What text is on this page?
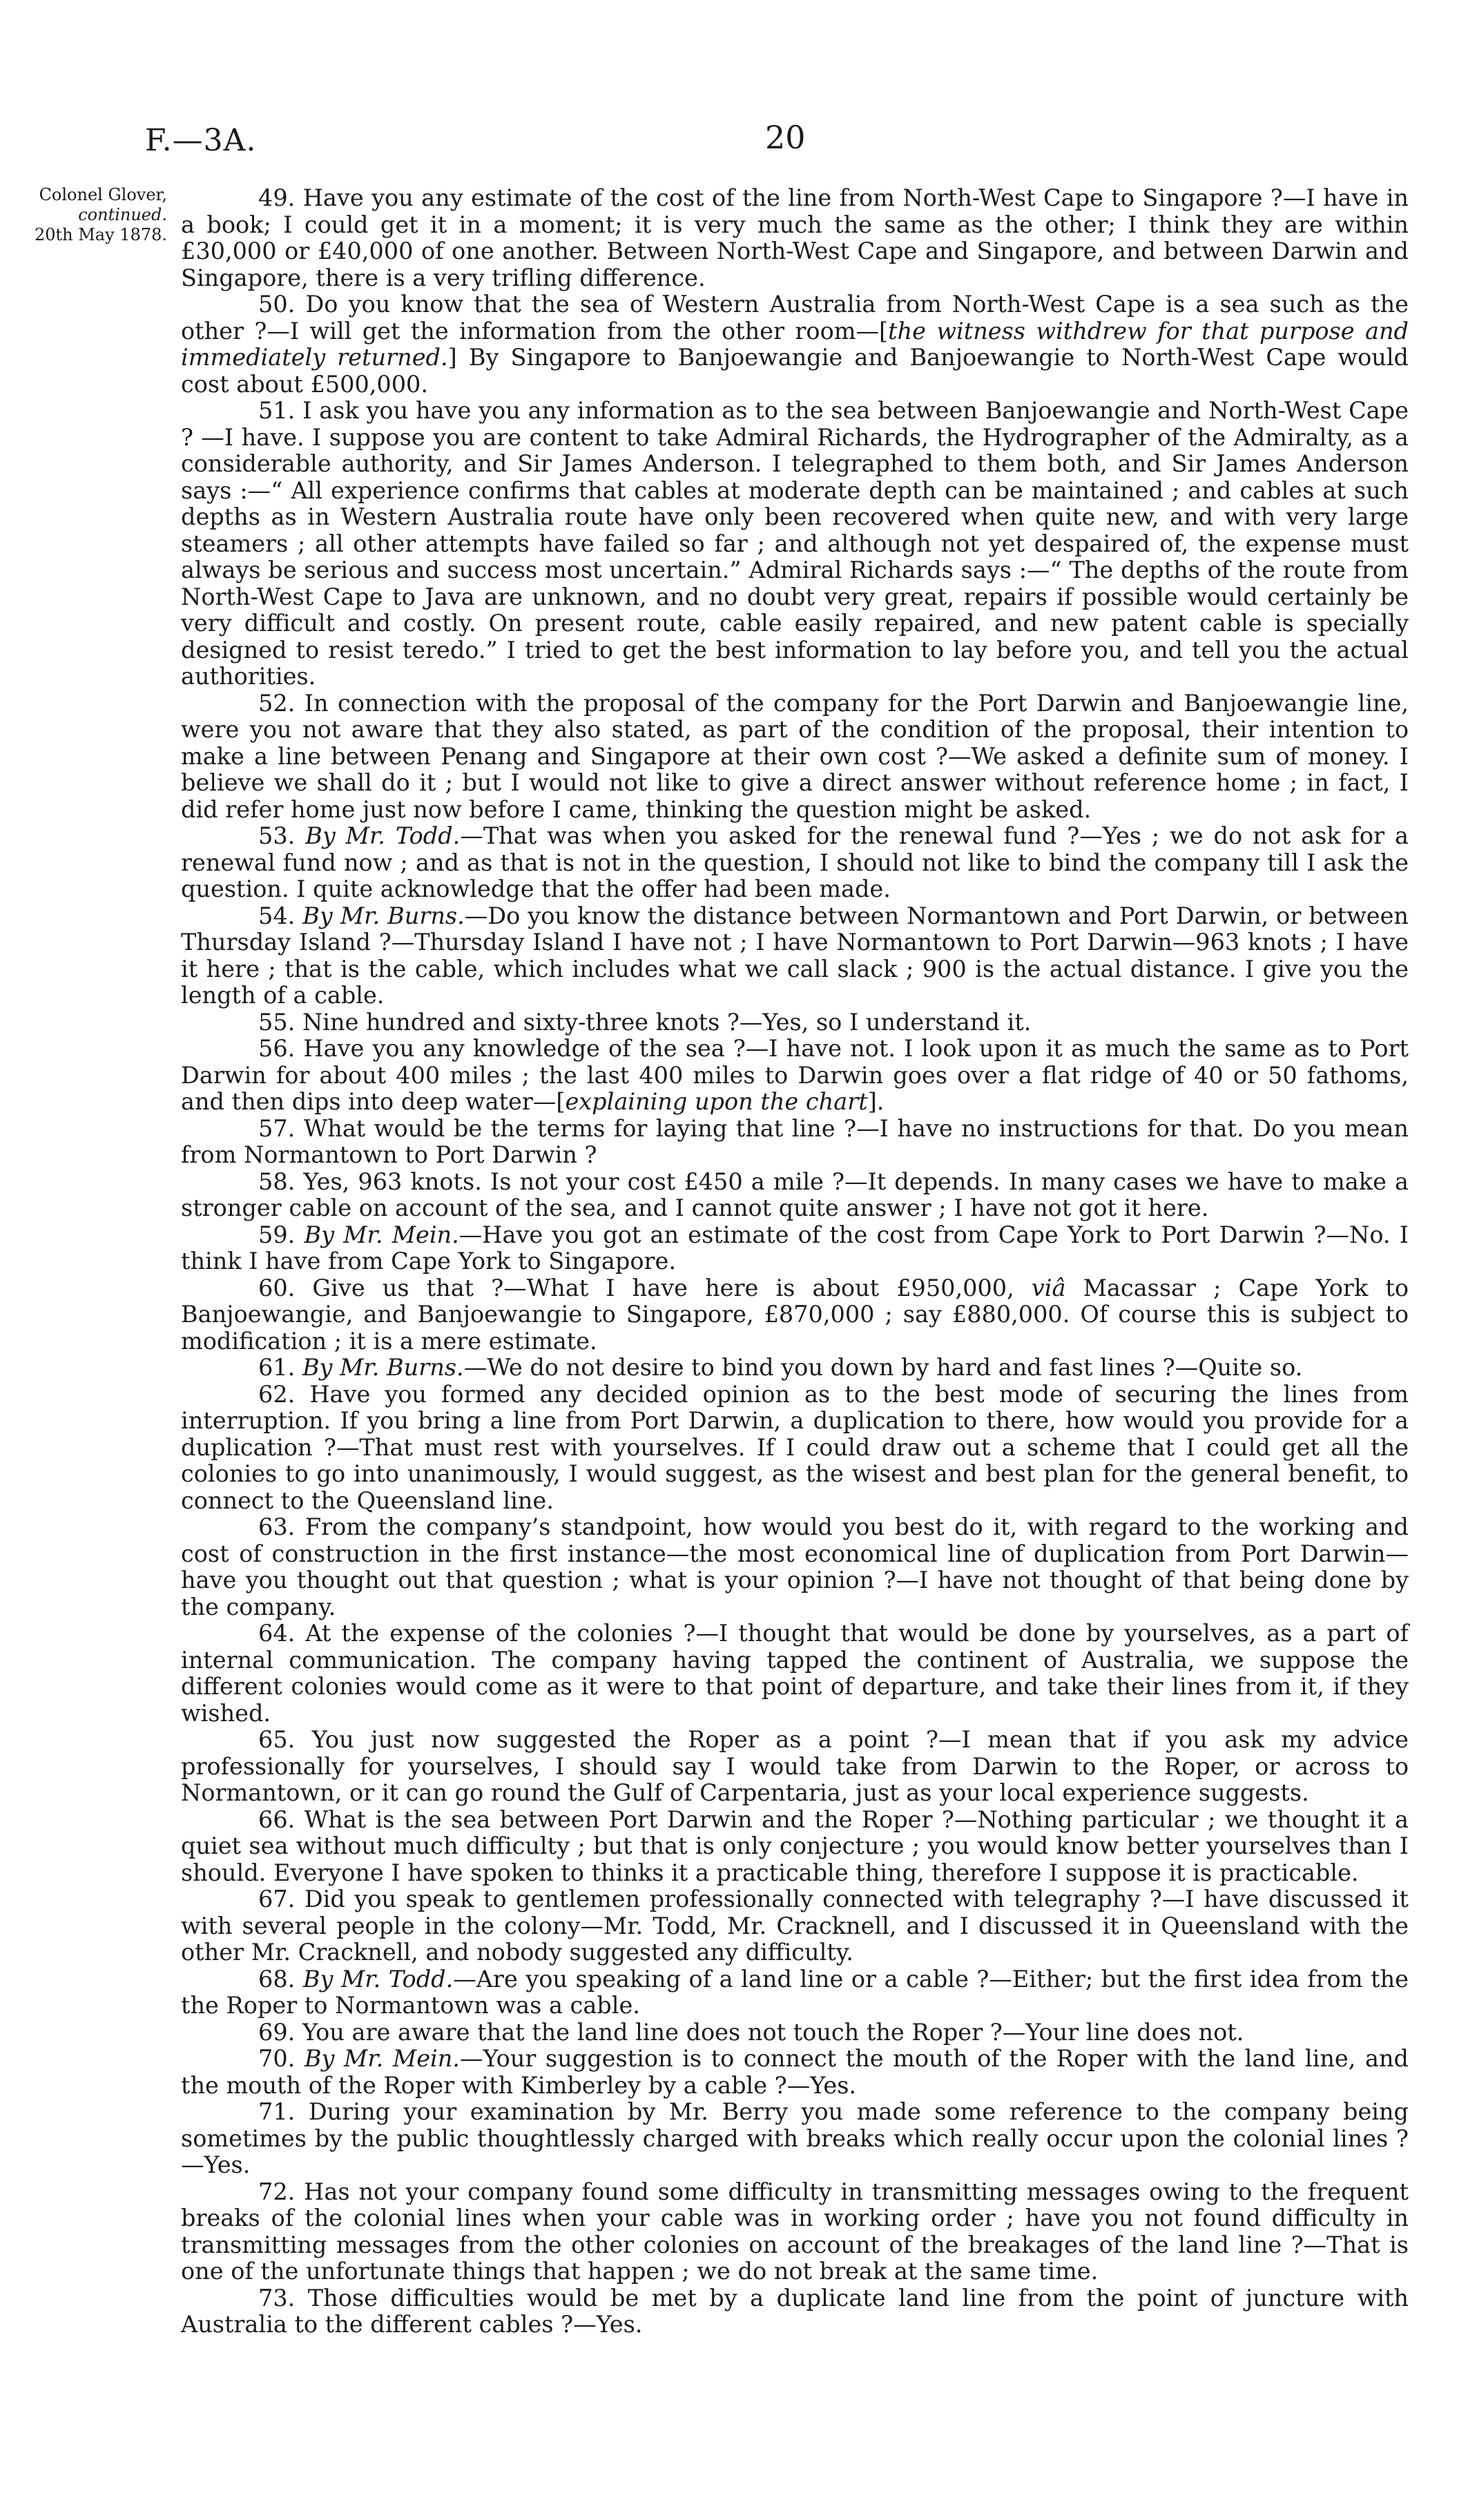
F.—3A.	20
Colonel Glover,
continued.
20th May 1878.

49. Have you any estimate of the cost of the line from North-West Cape to Singapore ?—I have in a book; I could get it in a moment; it is very much the same as the other; I think they are within £30,000 or £40,000 of one another. Between North-West Cape and Singapore, and between Darwin and Singapore, there is a very trifling difference.

50. Do you know that the sea of Western Australia from North-West Cape is a sea such as the other ?—I will get the information from the other room—[the witness withdrew for that purpose and immediately returned.] By Singapore to Banjoewangie and Banjoewangie to North-West Cape would cost about £500,000.

51. I ask you have you any information as to the sea between Banjoewangie and North-West Cape ? —I have. I suppose you are content to take Admiral Richards, the Hydrographer of the Admiralty, as a considerable authority, and Sir James Anderson. I telegraphed to them both, and Sir James Anderson says :—“ All experience confirms that cables at moderate depth can be maintained ; and cables at such depths as in Western Australia route have only been recovered when quite new, and with very large steamers ; all other attempts have failed so far ; and although not yet despaired of, the expense must always be serious and success most uncertain.” Admiral Richards says :—“ The depths of the route from North-West Cape to Java are unknown, and no doubt very great, repairs if possible would certainly be very difficult and costly. On present route, cable easily repaired, and new patent cable is specially designed to resist teredo.” I tried to get the best information to lay before you, and tell you the actual authorities.

52. In connection with the proposal of the company for the Port Darwin and Banjoewangie line, were you not aware that they also stated, as part of the condition of the proposal, their intention to make a line between Penang and Singapore at their own cost ?—We asked a definite sum of money. I believe we shall do it ; but I would not like to give a direct answer without reference home ; in fact, I did refer home just now before I came, thinking the question might be asked.

53. By Mr. Todd.—That was when you asked for the renewal fund ?—Yes ; we do not ask for a renewal fund now ; and as that is not in the question, I should not like to bind the company till I ask the question. I quite acknowledge that the offer had been made.

54. By Mr. Burns.—Do you know the distance between Normantown and Port Darwin, or between Thursday Island ?—Thursday Island I have not ; I have Normantown to Port Darwin—963 knots ; I have it here ; that is the cable, which includes what we call slack ; 900 is the actual distance. I give you the length of a cable.

55. Nine hundred and sixty-three knots ?—Yes, so I understand it.

56. Have you any knowledge of the sea ?—I have not. I look upon it as much the same as to Port Darwin for about 400 miles ; the last 400 miles to Darwin goes over a flat ridge of 40 or 50 fathoms, and then dips into deep water—[explaining upon the chart].

57. What would be the terms for laying that line ?—I have no instructions for that. Do you mean from Normantown to Port Darwin ?

58. Yes, 963 knots. Is not your cost £450 a mile ?—It depends. In many cases we have to make a stronger cable on account of the sea, and I cannot quite answer ; I have not got it here.

59. By Mr. Mein.—Have you got an estimate of the cost from Cape York to Port Darwin ?—No. I think I have from Cape York to Singapore.

60. Give us that ?—What I have here is about £950,000, viâ Macassar ; Cape York to Banjoewangie, and Banjoewangie to Singapore, £870,000 ; say £880,000. Of course this is subject to modification ; it is a mere estimate.

61. By Mr. Burns.—We do not desire to bind you down by hard and fast lines ?—Quite so.

62. Have you formed any decided opinion as to the best mode of securing the lines from interruption. If you bring a line from Port Darwin, a duplication to there, how would you provide for a duplication ?—That must rest with yourselves. If I could draw out a scheme that I could get all the colonies to go into unanimously, I would suggest, as the wisest and best plan for the general benefit, to connect to the Queensland line.

63. From the company’s standpoint, how would you best do it, with regard to the working and cost of construction in the first instance—the most economical line of duplication from Port Darwin—have you thought out that question ; what is your opinion ?—I have not thought of that being done by the company.

64. At the expense of the colonies ?—I thought that would be done by yourselves, as a part of internal communication. The company having tapped the continent of Australia, we suppose the different colonies would come as it were to that point of departure, and take their lines from it, if they wished.

65. You just now suggested the Roper as a point ?—I mean that if you ask my advice professionally for yourselves, I should say I would take from Darwin to the Roper, or across to Normantown, or it can go round the Gulf of Carpentaria, just as your local experience suggests.

66. What is the sea between Port Darwin and the Roper ?—Nothing particular ; we thought it a quiet sea without much difficulty ; but that is only conjecture ; you would know better yourselves than I should. Everyone I have spoken to thinks it a practicable thing, therefore I suppose it is practicable.

67. Did you speak to gentlemen professionally connected with telegraphy ?—I have discussed it with several people in the colony—Mr. Todd, Mr. Cracknell, and I discussed it in Queensland with the other Mr. Cracknell, and nobody suggested any difficulty.

68. By Mr. Todd.—Are you speaking of a land line or a cable ?—Either; but the first idea from the the Roper to Normantown was a cable.

69. You are aware that the land line does not touch the Roper ?—Your line does not.

70. By Mr. Mein.—Your suggestion is to connect the mouth of the Roper with the land line, and the mouth of the Roper with Kimberley by a cable ?—Yes.

71. During your examination by Mr. Berry you made some reference to the company being sometimes by the public thoughtlessly charged with breaks which really occur upon the colonial lines ?—Yes.

72. Has not your company found some difficulty in transmitting messages owing to the frequent breaks of the colonial lines when your cable was in working order ; have you not found difficulty in transmitting messages from the other colonies on account of the breakages of the land line ?—That is one of the unfortunate things that happen ; we do not break at the same time.

73. Those difficulties would be met by a duplicate land line from the point of juncture with Australia to the different cables ?—Yes.
